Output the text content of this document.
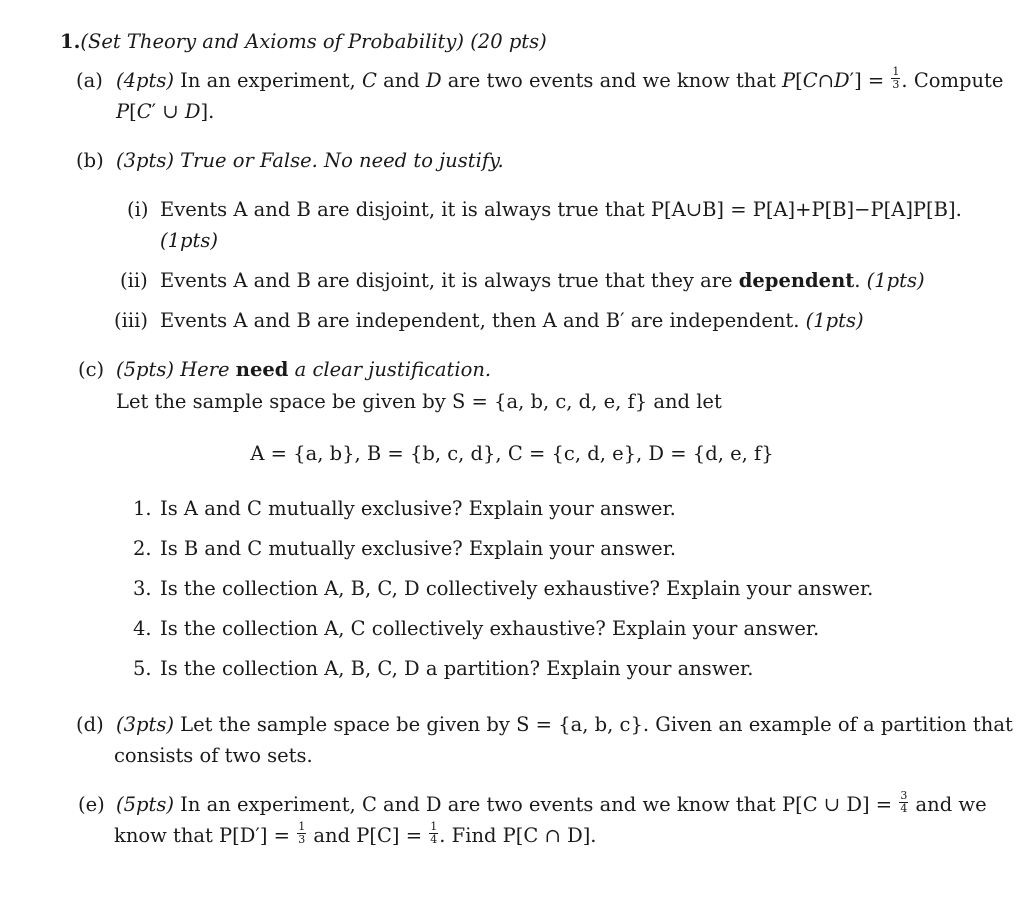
1.(Set Theory and Axioms of Probability) (20 pts)
(a) (4pts) In an experiment, C and D are two events and we know that P[C∩D′] = $\frac{1}{3}$ . Compute
P[C′ ∪ D].
(b) (3pts) True or False. No need to justify.
(i) Events A and B are disjoint, it is always true that P[A∪B] = P[A]+P[B]−P[A]P[B].
(1pts)
(ii) Events A and B are disjoint, it is always true that they are dependent. (1pts)
(iii) Events A and B are independent, then A and B′ are independent. (1pts)
(c) (5pts) Here need a clear justification.
Let the sample space be given by S = {a, b, c, d, e, f} and let
A = {a, b}, B = {b, c, d}, C = {c, d, e}, D = {d, e, f}
1. Is A and C mutually exclusive? Explain your answer.
2. Is B and C mutually exclusive? Explain your answer.
3. Is the collection A, B, C, D collectively exhaustive? Explain your answer.
4. Is the collection A, C collectively exhaustive? Explain your answer.
5. Is the collection A, B, C, D a partition? Explain your answer.
(d) (3pts) Let the sample space be given by S = {a, b, c}. Given an example of a partition that
consists of two sets.
(e) (5pts) In an experiment, C and D are two events and we know that P[C ∪ $D] = \frac{3}{4}$ and we
know that $P[D'] = \frac{1}{3}$ and $P[C] = \frac{1}{4}$ . Find P[C ∩ D].
